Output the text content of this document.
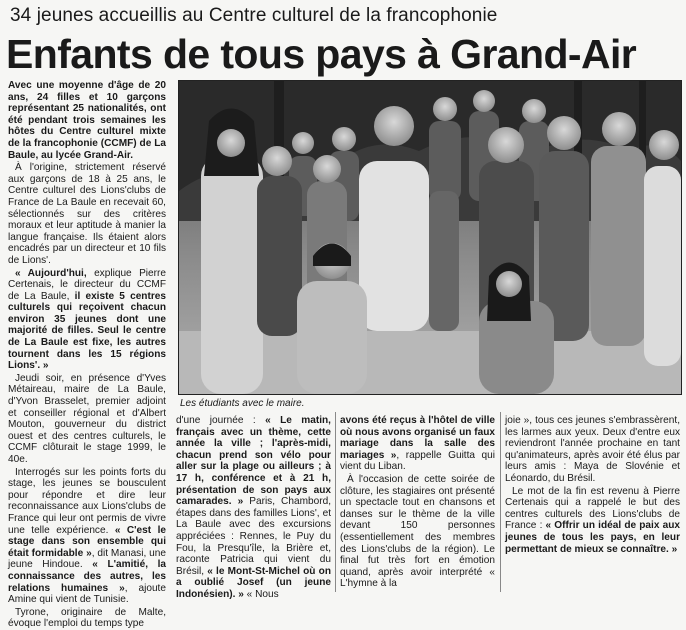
34 jeunes accueillis au Centre culturel de la francophonie
Enfants de tous pays à Grand-Air

Avec une moyenne d'âge de 20 ans, 24 filles et 10 garçons représentant 25 nationalités, ont été pendant trois semaines les hôtes du Centre culturel mixte de la francophonie (CCMF) de La Baule, au lycée Grand-Air.

À l'origine, strictement réservé aux garçons de 18 à 25 ans, le Centre culturel des Lions'clubs de France de La Baule en recevait 60, sélectionnés sur des critères moraux et leur aptitude à manier la langue française. Ils étaient alors encadrés par un directeur et 10 fils de Lions'.

« Aujourd'hui, explique Pierre Certenais, le directeur du CCMF de La Baule, il existe 5 centres culturels qui reçoivent chacun environ 35 jeunes dont une majorité de filles. Seul le centre de La Baule est fixe, les autres tournent dans les 15 régions Lions'. »

Jeudi soir, en présence d'Yves Métaireau, maire de La Baule, d'Yvon Brasselet, premier adjoint et conseiller régional et d'Albert Mouton, gouverneur du district ouest et des centres culturels, le CCMF clôturait le stage 1999, le 40e.

Interrogés sur les points forts du stage, les jeunes se bousculent pour répondre et dire leur reconnaissance aux Lions'clubs de France qui leur ont permis de vivre une telle expérience. « C'est le stage dans son ensemble qui était formidable », dit Manasi, une jeune Hindoue. « L'amitié, la connaissance des autres, les relations humaines », ajoute Amine qui vient de Tunisie.

Tyrone, originaire de Malte, évoque l'emploi du temps type

Les étudiants avec le maire.

d'une journée : « Le matin, français avec un thème, cette année la ville ; l'après-midi, chacun prend son vélo pour aller sur la plage ou ailleurs ; à 17 h, conférence et à 21 h, présentation de son pays aux camarades. » Paris, Chambord, étapes dans des familles Lions', et La Baule avec des excursions appréciées : Rennes, le Puy du Fou, la Presqu'île, la Brière et, raconte Patricia qui vient du Brésil, « le Mont-St-Michel où on a oublié Josef (un jeune Indonésien). » « Nous

avons été reçus à l'hôtel de ville où nous avons organisé un faux mariage dans la salle des mariages », rappelle Guitta qui vient du Liban.

À l'occasion de cette soirée de clôture, les stagiaires ont présenté un spectacle tout en chansons et danses sur le thème de la ville devant 150 personnes (essentiellement des membres des Lions'clubs de la région). Le final fut très fort en émotion quand, après avoir interprété « L'hymne à la

joie », tous ces jeunes s'embrassèrent, les larmes aux yeux. Deux d'entre eux reviendront l'année prochaine en tant qu'animateurs, après avoir été élus par leurs amis : Maya de Slovénie et Léonardo, du Brésil.

Le mot de la fin est revenu à Pierre Certenais qui a rappelé le but des centres culturels des Lions'clubs de France : « Offrir un idéal de paix aux jeunes de tous les pays, en leur permettant de mieux se connaître. »
